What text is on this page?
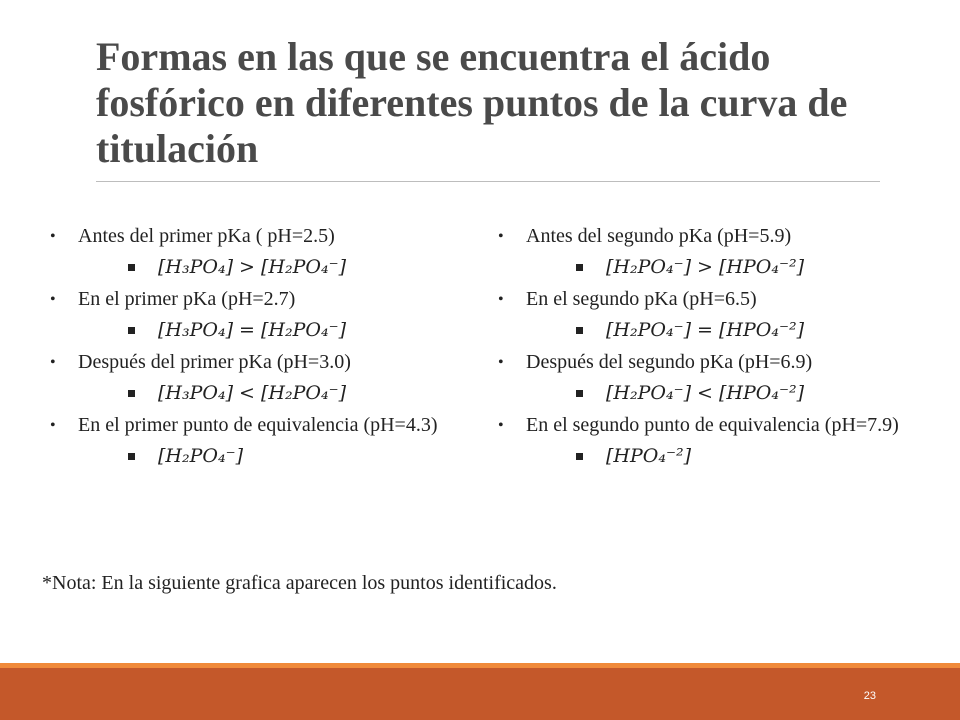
Formas en las que se encuentra el ácido fosfórico en diferentes puntos de la curva de titulación
• Antes del primer pKa ( pH=2.5)
[H₃PO₄] > [H₂PO₄⁻]
• En el primer pKa (pH=2.7)
[H₃PO₄] = [H₂PO₄⁻]
• Después del primer pKa (pH=3.0)
[H₃PO₄] < [H₂PO₄⁻]
• En el primer punto de equivalencia (pH=4.3)
[H₂PO₄⁻]
• Antes del segundo pKa (pH=5.9)
[H₂PO₄⁻] > [HPO₄⁻²]
• En el segundo pKa (pH=6.5)
[H₂PO₄⁻] = [HPO₄⁻²]
• Después del segundo pKa (pH=6.9)
[H₂PO₄⁻] < [HPO₄⁻²]
• En el segundo punto de equivalencia (pH=7.9)
[HPO₄⁻²]

*Nota: En la siguiente grafica aparecen los puntos identificados.

23
